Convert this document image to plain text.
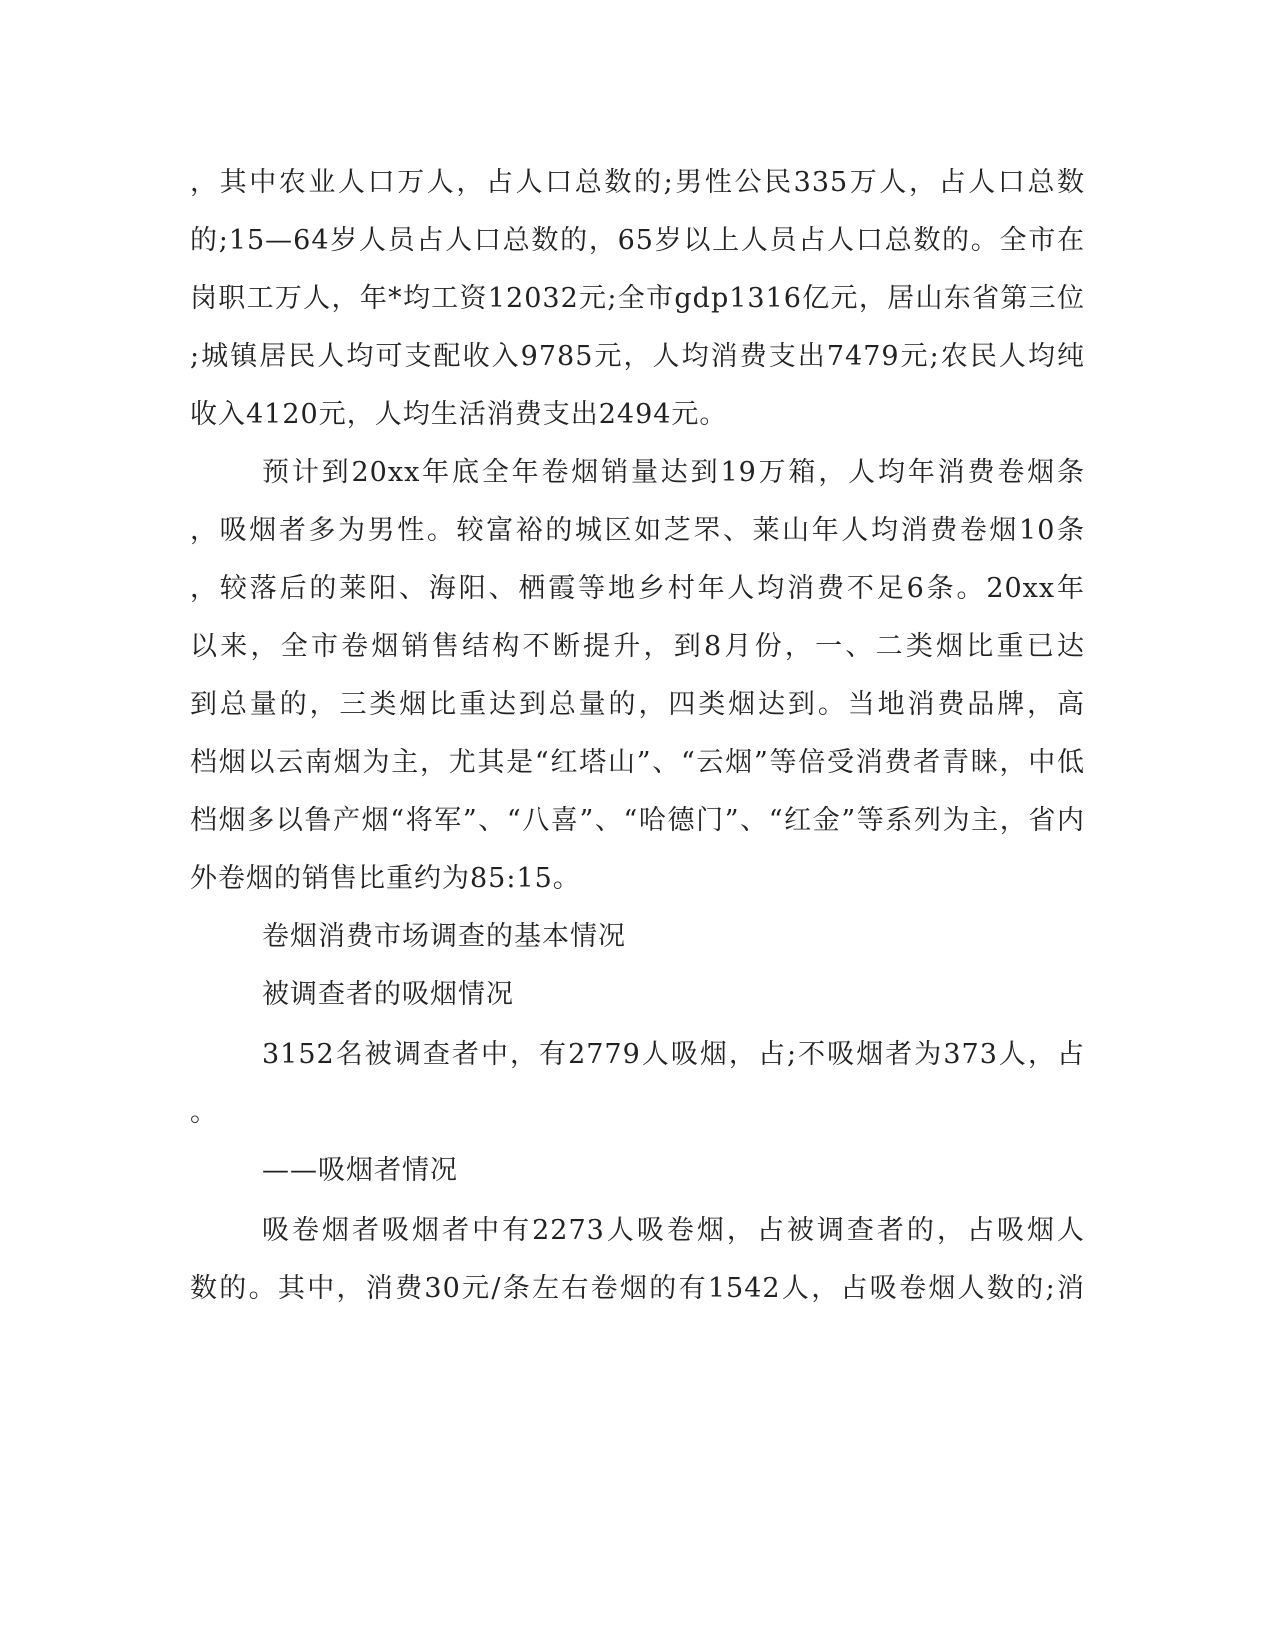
，其中农业人口万人，占人口总数的;男性公民335万人，占人口总数
的;15—64岁人员占人口总数的，65岁以上人员占人口总数的。全市在
岗职工万人，年*均工资12032元;全市gdp1316亿元，居山东省第三位
;城镇居民人均可支配收入9785元，人均消费支出7479元;农民人均纯
收入4120元，人均生活消费支出2494元。
预计到20xx年底全年卷烟销量达到19万箱，人均年消费卷烟条
，吸烟者多为男性。较富裕的城区如芝罘、莱山年人均消费卷烟10条
，较落后的莱阳、海阳、栖霞等地乡村年人均消费不足6条。20xx年
以来，全市卷烟销售结构不断提升，到8月份，一、二类烟比重已达
到总量的，三类烟比重达到总量的，四类烟达到。当地消费品牌，高
档烟以云南烟为主，尤其是“红塔山”、“云烟”等倍受消费者青睐，中低
档烟多以鲁产烟“将军”、“八喜”、“哈德门”、“红金”等系列为主，省内
外卷烟的销售比重约为85:15。
卷烟消费市场调查的基本情况
被调查者的吸烟情况
3152名被调查者中，有2779人吸烟，占;不吸烟者为373人，占
。
——吸烟者情况
吸卷烟者吸烟者中有2273人吸卷烟，占被调查者的，占吸烟人
数的。其中，消费30元/条左右卷烟的有1542人，占吸卷烟人数的;消
